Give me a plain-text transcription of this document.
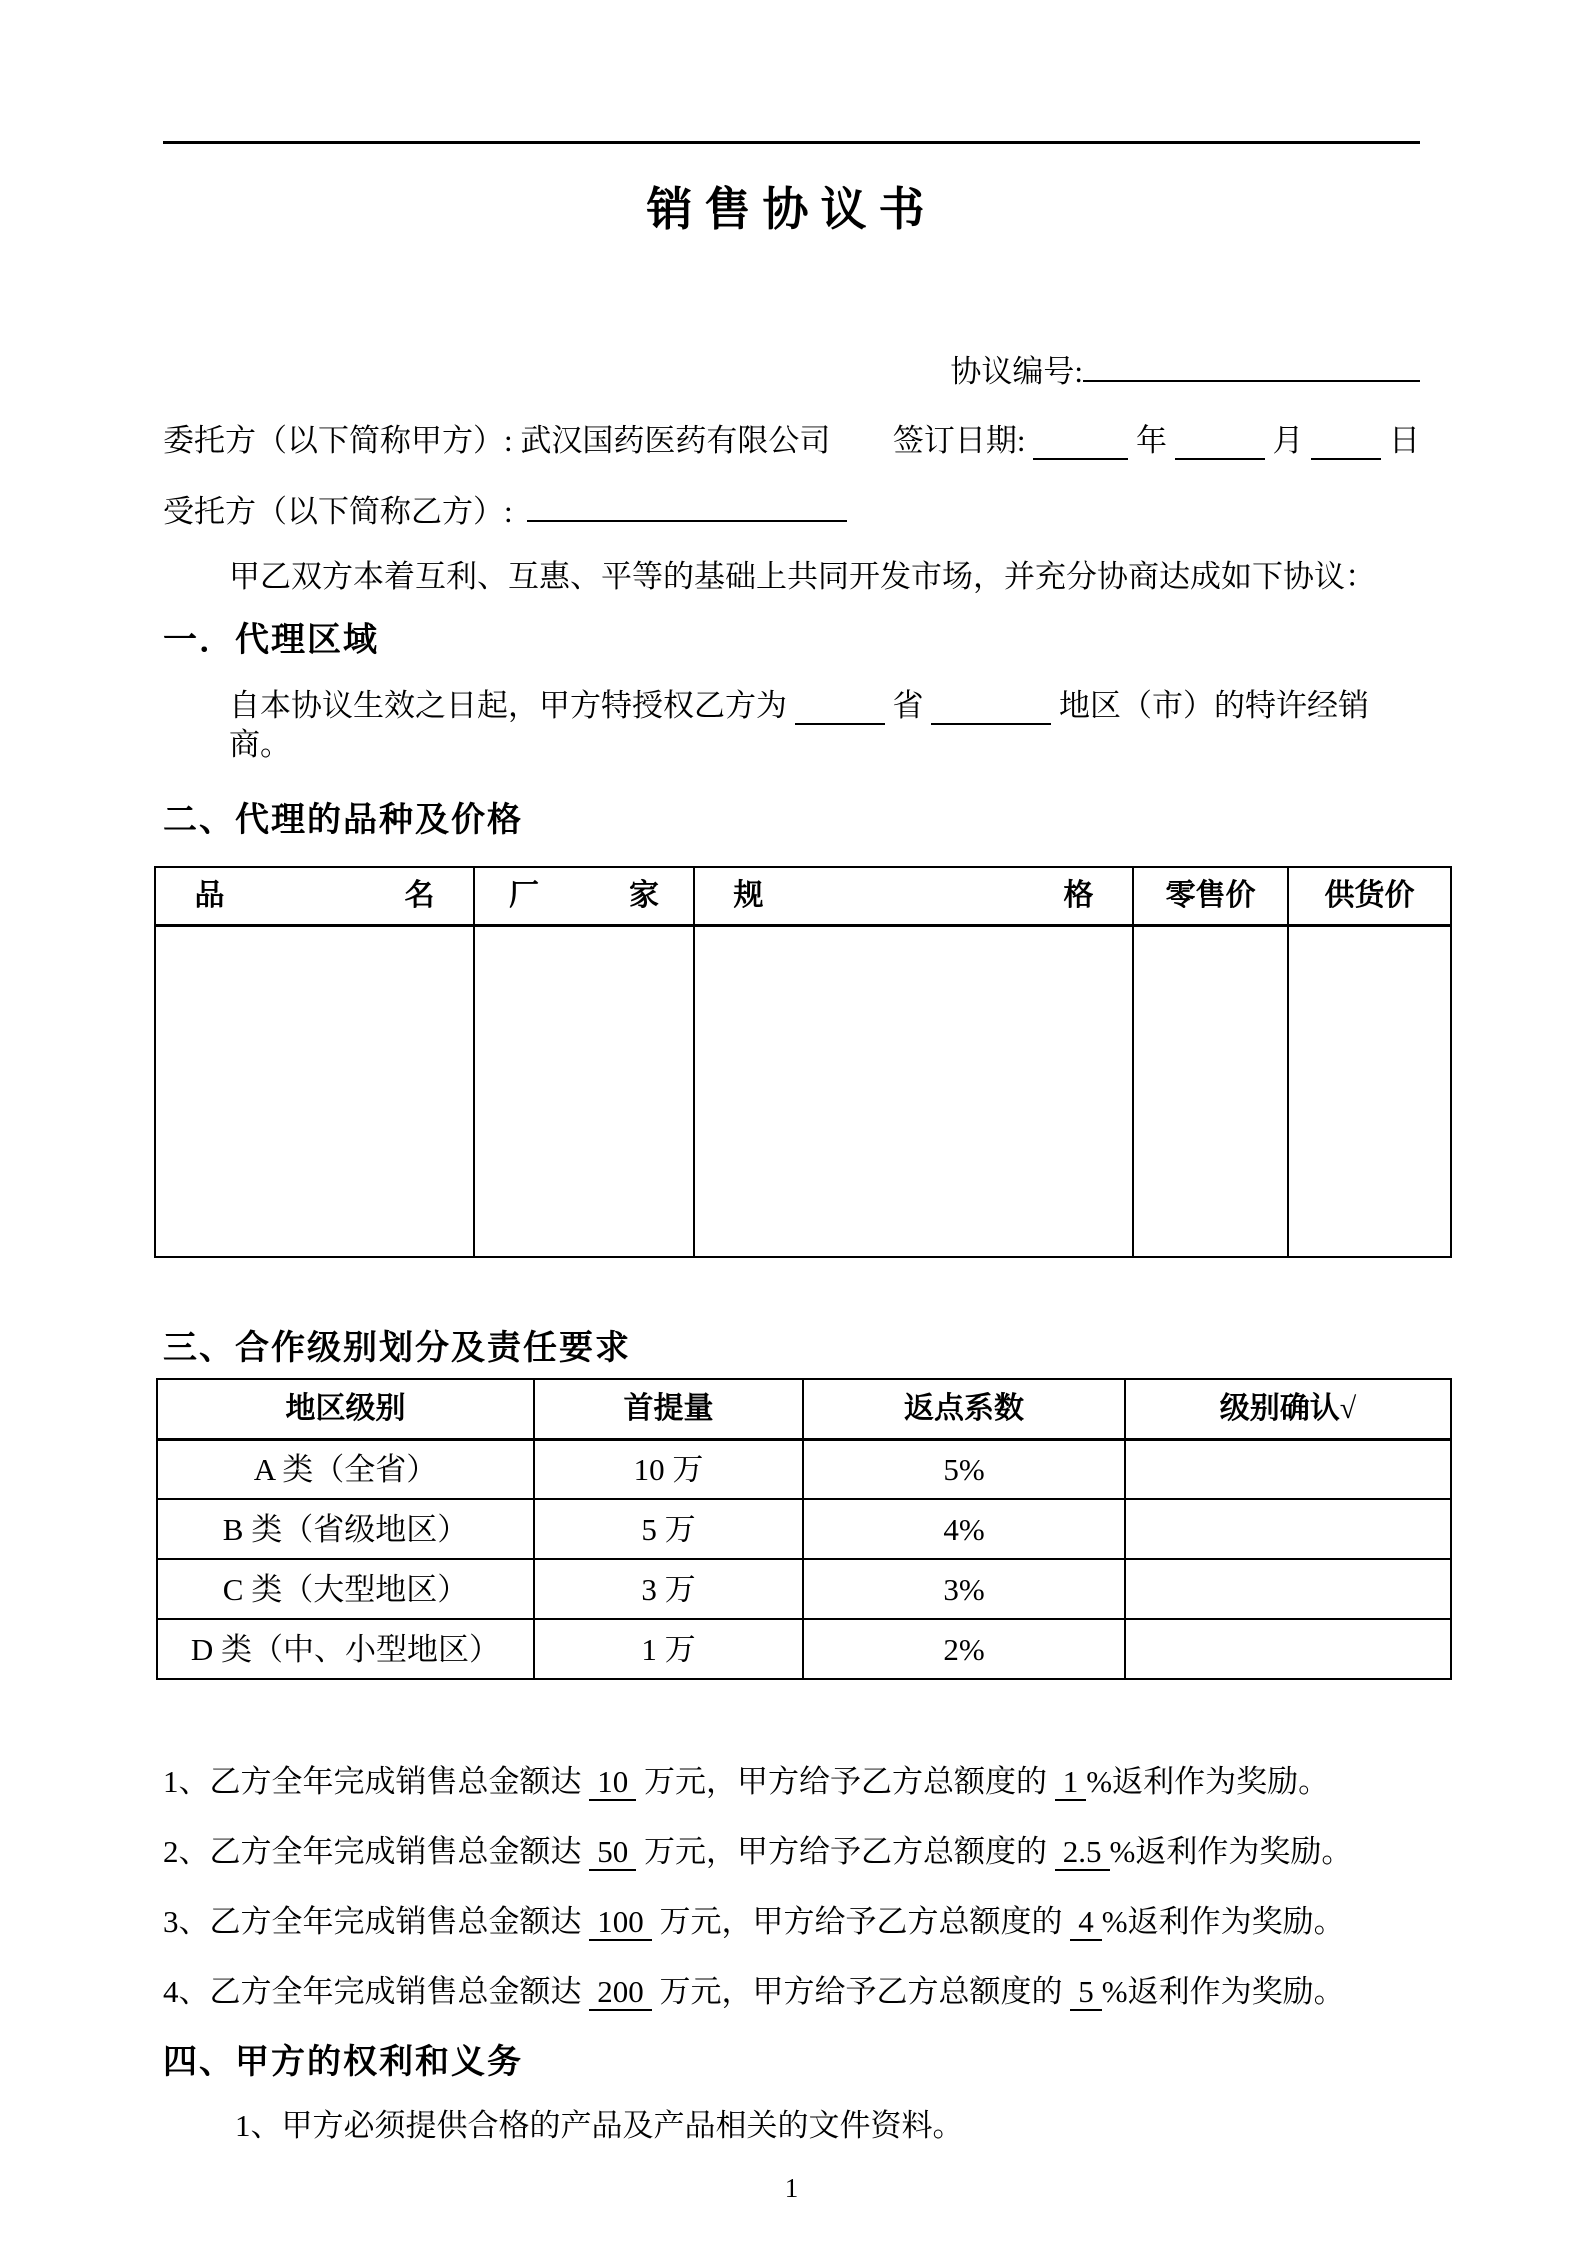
销售协议书
协议编号:
委托方（以下简称甲方）: 武汉国药医药有限公司 签订日期:	年	月	日
受托方（以下简称乙方）:

甲乙双方本着互利、互惠、平等的基础上共同开发市场，并充分协商达成如下协议：

一．代理区域

自本协议生效之日起，甲方特授权乙方为	省	地区（市）的特许经销商。

二、代理的品种及价格
品　　　　　　名	厂　　　家	规　　　　　　　　　　格	零售价	供货价

三、合作级别划分及责任要求
地区级别	首提量	返点系数	级别确认√
A 类（全省）	10 万	5%	
B 类（省级地区）	5 万	4%	
C 类（大型地区）	3 万	3%	
D 类（中、小型地区）	1 万	2%	

1、乙方全年完成销售总金额达 10 万元，甲方给予乙方总额度的 1 %返利作为奖励。

2、乙方全年完成销售总金额达 50 万元，甲方给予乙方总额度的 2.5 %返利作为奖励。

3、乙方全年完成销售总金额达 100 万元，甲方给予乙方总额度的 4 %返利作为奖励。

4、乙方全年完成销售总金额达 200 万元，甲方给予乙方总额度的 5 %返利作为奖励。

四、甲方的权利和义务

1、甲方必须提供合格的产品及产品相关的文件资料。

1
